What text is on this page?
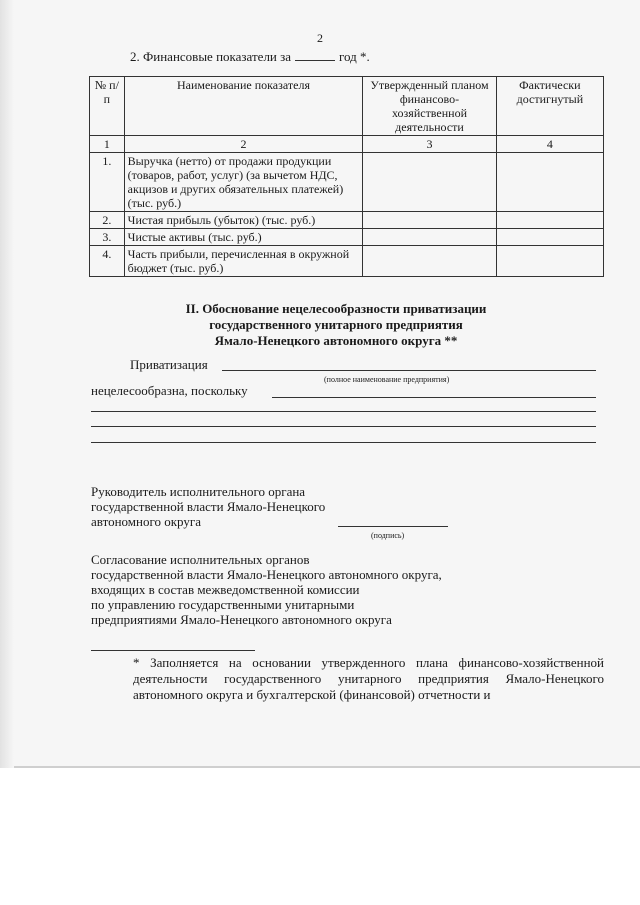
2
2. Финансовые показатели за	год *.
№ п/п	Наименование показателя	Утвержденный планом финансово-хозяйственной деятельности	Фактически достигнутый
1	2	3	4
1.	Выручка (нетто) от продажи продукции (товаров, работ, услуг) (за вычетом НДС, акцизов и других обязательных платежей) (тыс. руб.)		
2.	Чистая прибыль (убыток) (тыс. руб.)		
3.	Чистые активы (тыс. руб.)		
4.	Часть прибыли, перечисленная в окружной бюджет (тыс. руб.)		
II. Обоснование нецелесообразности приватизации
государственного унитарного предприятия
Ямало-Ненецкого автономного округа **
Приватизация
(полное наименование предприятия)
нецелесообразна, поскольку
Руководитель исполнительного органа
государственной власти Ямало-Ненецкого
автономного округа
(подпись)
Согласование исполнительных органов
государственной власти Ямало-Ненецкого автономного округа,
входящих в состав межведомственной комиссии
по управлению государственными унитарными
предприятиями Ямало-Ненецкого автономного округа
* Заполняется на основании утвержденного плана финансово-хозяйственной деятельности государственного унитарного предприятия Ямало-Ненецкого автономного округа и бухгалтерской (финансовой) отчетности и
